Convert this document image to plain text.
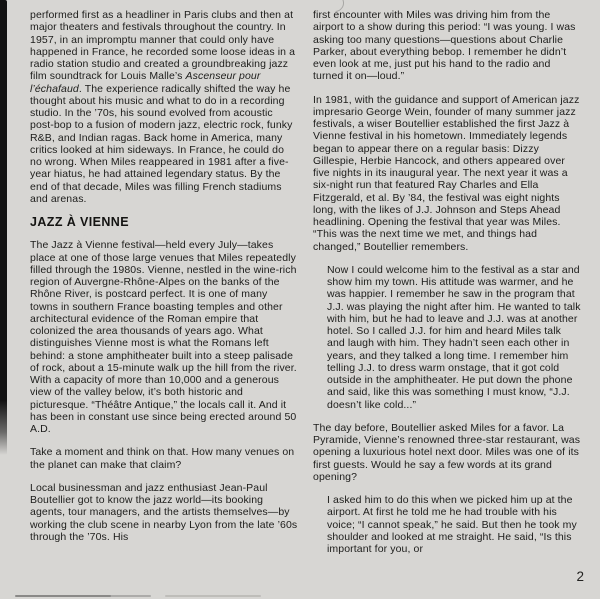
performed first as a headliner in Paris clubs and then at major theaters and festivals throughout the country. In 1957, in an impromptu manner that could only have happened in France, he recorded some loose ideas in a radio station studio and created a groundbreaking jazz film soundtrack for Louis Malle’s Ascenseur pour l’échafaud. The experience radically shifted the way he thought about his music and what to do in a recording studio. In the ’70s, his sound evolved from acoustic post-bop to a fusion of modern jazz, electric rock, funky R&B, and Indian ragas. Back home in America, many critics looked at him sideways. In France, he could do no wrong. When Miles reappeared in 1981 after a five-year hiatus, he had attained legendary status. By the end of that decade, Miles was filling French stadiums and arenas.

JAZZ À VIENNE

The Jazz à Vienne festival—held every July—takes place at one of those large venues that Miles repeatedly filled through the 1980s. Vienne, nestled in the wine-rich region of Auvergne-Rhône-Alpes on the banks of the Rhône River, is postcard perfect. It is one of many towns in southern France boasting temples and other architectural evidence of the Roman empire that colonized the area thousands of years ago. What distinguishes Vienne most is what the Romans left behind: a stone amphitheater built into a steep palisade of rock, about a 15-minute walk up the hill from the river. With a capacity of more than 10,000 and a generous view of the valley below, it’s both historic and picturesque. “Théâtre Antique,” the locals call it. And it has been in constant use since being erected around 50 A.D.

Take a moment and think on that. How many venues on the planet can make that claim?

Local businessman and jazz enthusiast Jean-Paul Boutellier got to know the jazz world—its booking agents, tour managers, and the artists themselves—by working the club scene in nearby Lyon from the late ’60s through the ’70s. His

first encounter with Miles was driving him from the airport to a show during this period: “I was young. I was asking too many questions—questions about Charlie Parker, about everything bebop. I remember he didn’t even look at me, just put his hand to the radio and turned it on—loud.”

In 1981, with the guidance and support of American jazz impresario George Wein, founder of many summer jazz festivals, a wiser Boutellier established the first Jazz à Vienne festival in his hometown. Immediately legends began to appear there on a regular basis: Dizzy Gillespie, Herbie Hancock, and others appeared over five nights in its inaugural year. The next year it was a six-night run that featured Ray Charles and Ella Fitzgerald, et al. By ’84, the festival was eight nights long, with the likes of J.J. Johnson and Steps Ahead headlining. Opening the festival that year was Miles. “This was the next time we met, and things had changed,” Boutellier remembers.

Now I could welcome him to the festival as a star and show him my town. His attitude was warmer, and he was happier. I remember he saw in the program that J.J. was playing the night after him. He wanted to talk with him, but he had to leave and J.J. was at another hotel. So I called J.J. for him and heard Miles talk and laugh with him. They hadn’t seen each other in years, and they talked a long time. I remember him telling J.J. to dress warm onstage, that it got cold outside in the amphitheater. He put down the phone and said, like this was something I must know, “J.J. doesn’t like cold...”

The day before, Boutellier asked Miles for a favor. La Pyramide, Vienne’s renowned three-star restaurant, was opening a luxurious hotel next door. Miles was one of its first guests. Would he say a few words at its grand opening?

I asked him to do this when we picked him up at the airport. At first he told me he had trouble with his voice; “I cannot speak,” he said. But then he took my shoulder and looked at me straight. He said, “Is this important for you, or

2
